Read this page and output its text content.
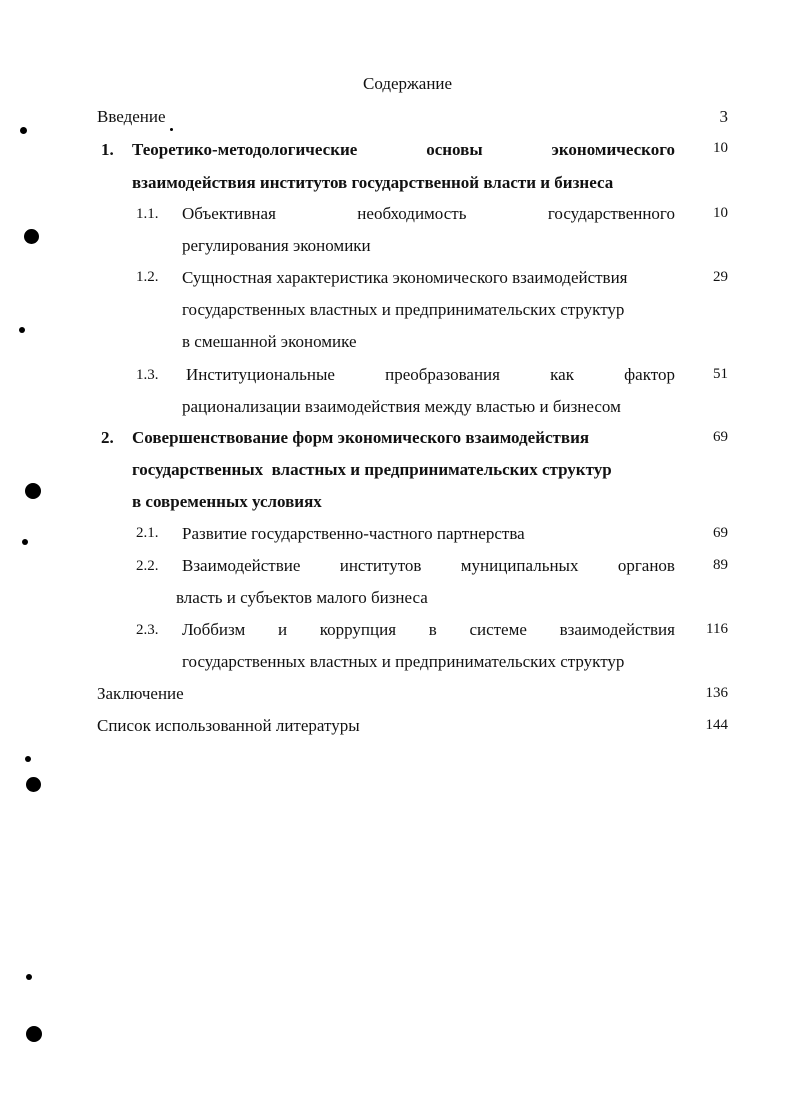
Содержание
Введение	3
1. Теоретико-методологические	основы	экономического	10
взаимодействия институтов государственной власти и бизнеса
1.1. Объективная	необходимость	государственного	10
регулирования экономики
1.2. Сущностная характеристика экономического взаимодействия	29
государственных властных и предпринимательских структур
в смешанной экономике
1.3. Институциональные	преобразования	как	фактор	51
рационализации взаимодействия между властью и бизнесом
2. Совершенствование форм экономического взаимодействия	69
государственных  властных и предпринимательских структур
в современных условиях
2.1. Развитие государственно-частного партнерства	69
2.2. Взаимодействие институтов муниципальных органов	89
власть и субъектов малого бизнеса
2.3. Лоббизм и коррупция в системе взаимодействия	116
государственных властных и предпринимательских структур
Заключение	136
Список использованной литературы	144
